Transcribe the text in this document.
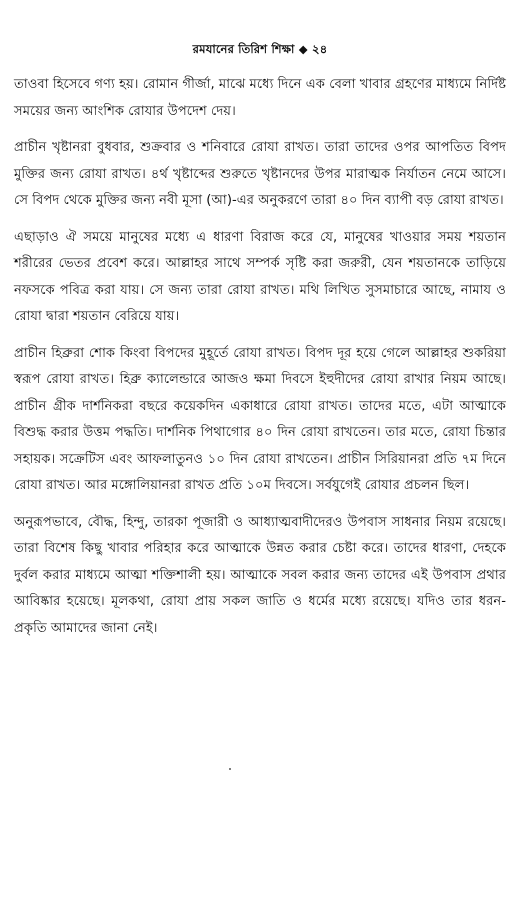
রমযানের তিরিশ শিক্ষা ◆ ২৪

তাওবা হিসেবে গণ্য হয়। রোমান গীর্জা, মাঝে মধ্যে দিনে এক বেলা খাবার গ্রহণের মাধ্যমে নির্দিষ্ট সময়ের জন্য আংশিক রোযার উপদেশ দেয়।

প্রাচীন খৃষ্টানরা বুধবার, শুক্রবার ও শনিবারে রোযা রাখত। তারা তাদের ওপর আপতিত বিপদ মুক্তির জন্য রোযা রাখত। ৪র্থ খৃষ্টাব্দের শুরুতে খৃষ্টানদের উপর মারাত্মক নির্যাতন নেমে আসে। সে বিপদ থেকে মুক্তির জন্য নবী মূসা (আ)-এর অনুকরণে তারা ৪০ দিন ব্যাপী বড় রোযা রাখত।

এছাড়াও ঐ সময়ে মানুষের মধ্যে এ ধারণা বিরাজ করে যে, মানুষের খাওয়ার সময় শয়তান শরীরের ভেতর প্রবেশ করে। আল্লাহর সাথে সম্পর্ক সৃষ্টি করা জরুরী, যেন শয়তানকে তাড়িয়ে নফসকে পবিত্র করা যায়। সে জন্য তারা রোযা রাখত। মথি লিখিত সুসমাচারে আছে, নামায ও রোযা দ্বারা শয়তান বেরিয়ে যায়।

প্রাচীন হিব্রুরা শোক কিংবা বিপদের মুহূর্তে রোযা রাখত। বিপদ দূর হয়ে গেলে আল্লাহর শুকরিয়া স্বরূপ রোযা রাখত। হিব্রু ক্যালেন্ডারে আজও ক্ষমা দিবসে ইহুদীদের রোযা রাখার নিয়ম আছে। প্রাচীন গ্রীক দার্শনিকরা বছরে কয়েকদিন একাধারে রোযা রাখত। তাদের মতে, এটা আত্মাকে বিশুদ্ধ করার উত্তম পদ্ধতি। দার্শনিক পিথাগোর ৪০ দিন রোযা রাখতেন। তার মতে, রোযা চিন্তার সহায়ক। সক্রেটিস এবং আফলাতুনও ১০ দিন রোযা রাখতেন। প্রাচীন সিরিয়ানরা প্রতি ৭ম দিনে রোযা রাখত। আর মঙ্গোলিয়ানরা রাখত প্রতি ১০ম দিবসে। সর্বযুগেই রোযার প্রচলন ছিল।

অনুরূপভাবে, বৌদ্ধ, হিন্দু, তারকা পূজারী ও আধ্যাত্মবাদীদেরও উপবাস সাধনার নিয়ম রয়েছে। তারা বিশেষ কিছু খাবার পরিহার করে আত্মাকে উন্নত করার চেষ্টা করে। তাদের ধারণা, দেহকে দুর্বল করার মাধ্যমে আত্মা শক্তিশালী হয়। আত্মাকে সবল করার জন্য তাদের এই উপবাস প্রথার আবিষ্কার হয়েছে। মূলকথা, রোযা প্রায় সকল জাতি ও ধর্মের মধ্যে রয়েছে। যদিও তার ধরন-প্রকৃতি আমাদের জানা নেই।
